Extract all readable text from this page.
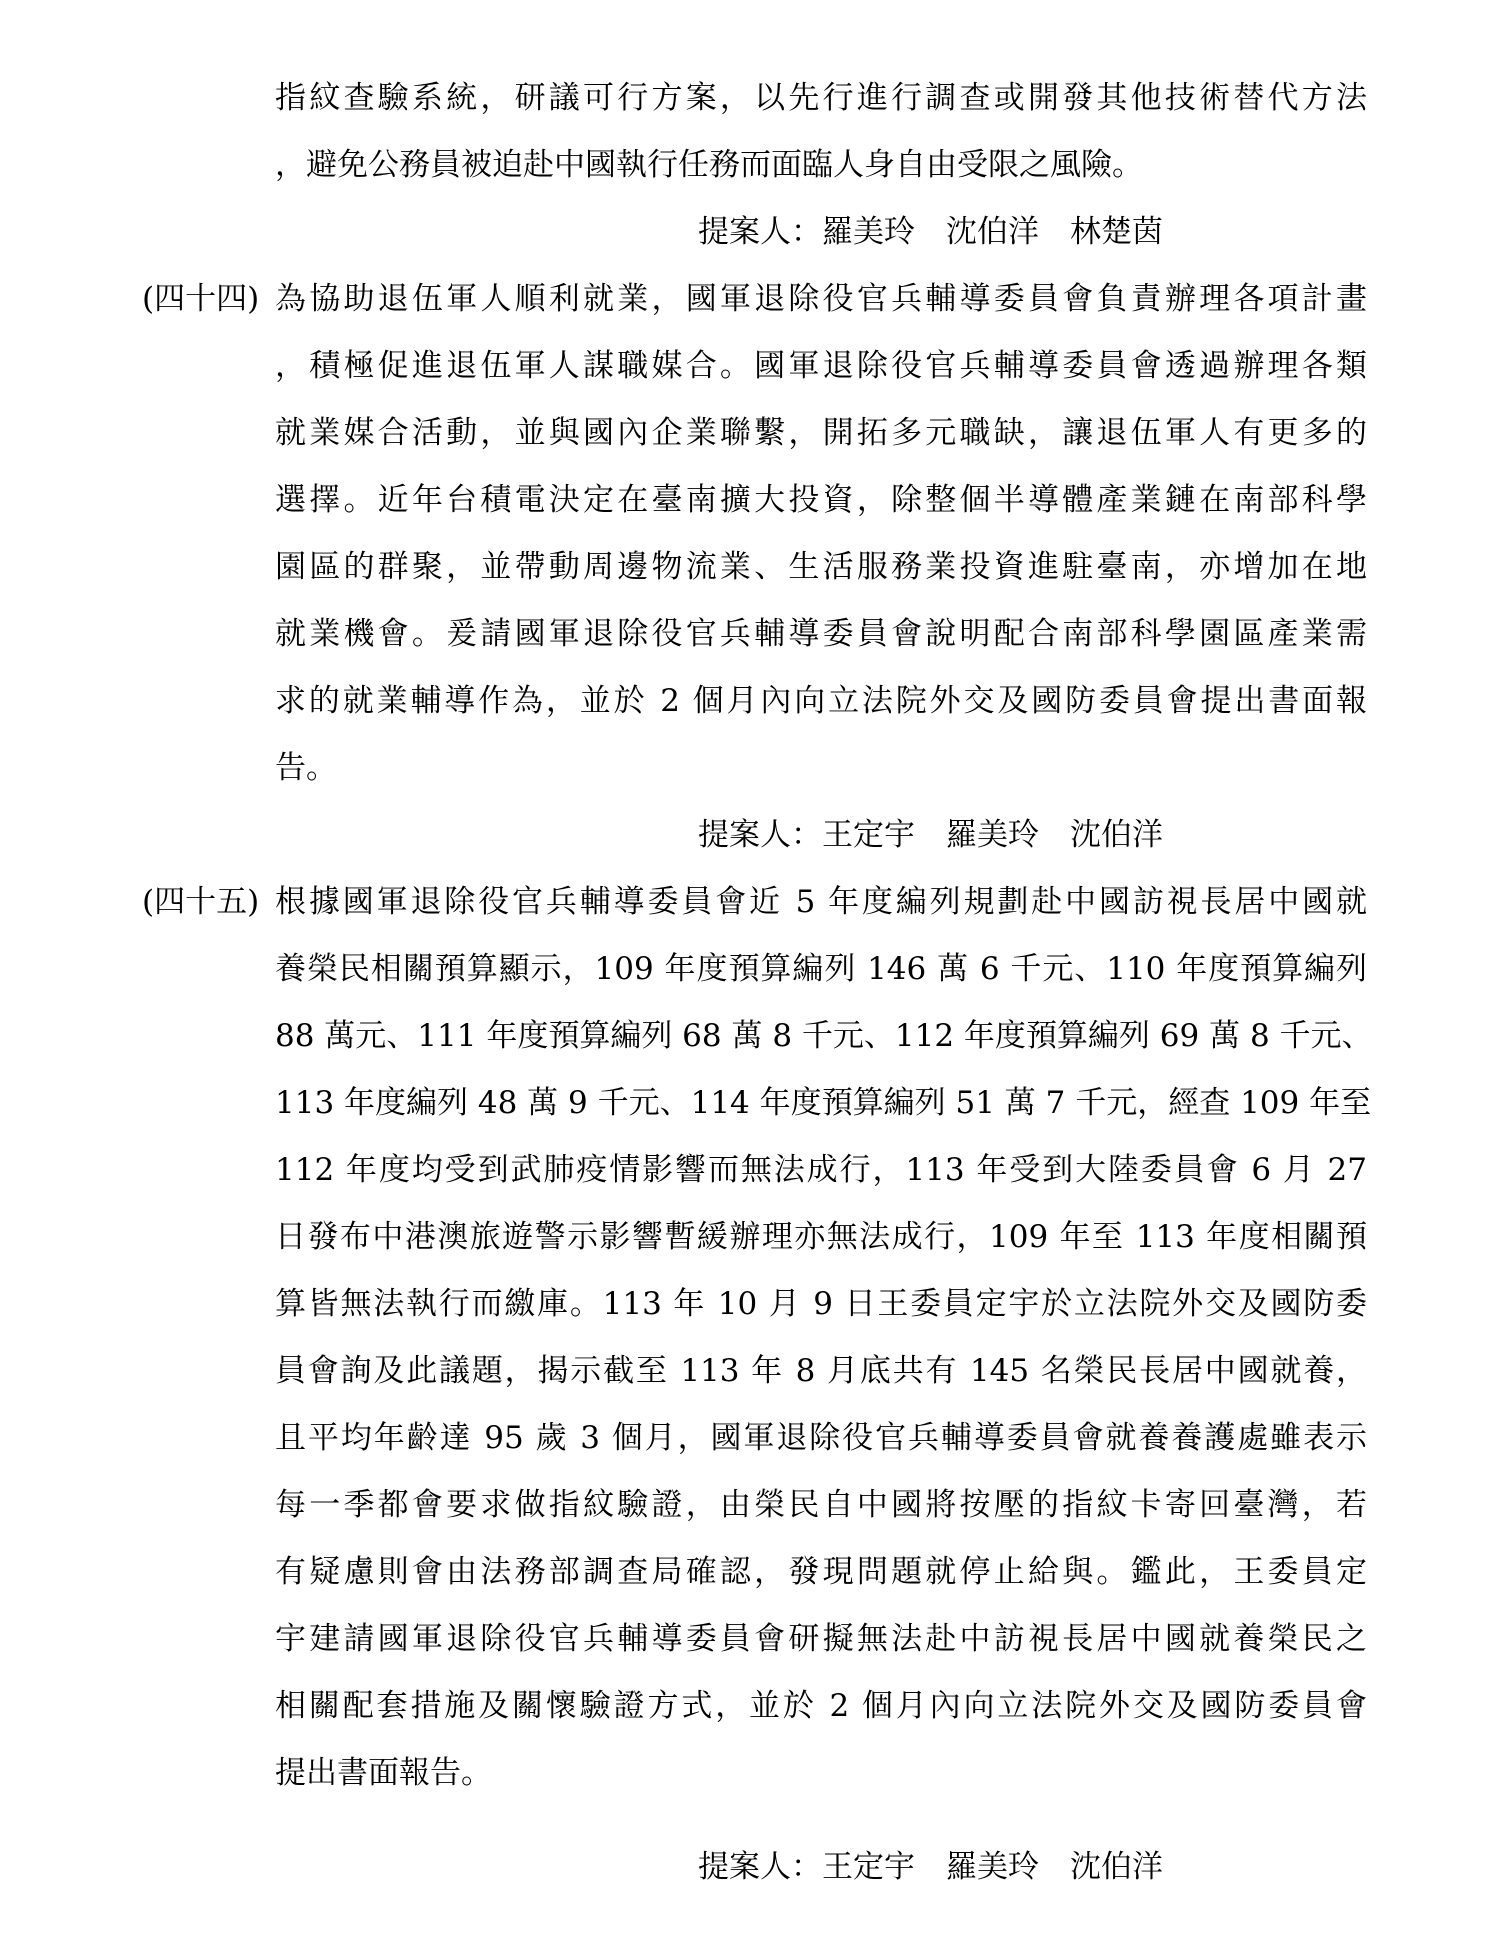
指紋查驗系統，研議可行方案，以先行進行調查或開發其他技術替代方法
，避免公務員被迫赴中國執行任務而面臨人身自由受限之風險。
提案人：羅美玲　沈伯洋　林楚茵
(四十四) 為協助退伍軍人順利就業，國軍退除役官兵輔導委員會負責辦理各項計畫
，積極促進退伍軍人謀職媒合。國軍退除役官兵輔導委員會透過辦理各類
就業媒合活動，並與國內企業聯繫，開拓多元職缺，讓退伍軍人有更多的
選擇。近年台積電決定在臺南擴大投資，除整個半導體產業鏈在南部科學
園區的群聚，並帶動周邊物流業、生活服務業投資進駐臺南，亦增加在地
就業機會。爰請國軍退除役官兵輔導委員會說明配合南部科學園區產業需
求的就業輔導作為，並於 2 個月內向立法院外交及國防委員會提出書面報
告。
提案人：王定宇　羅美玲　沈伯洋
(四十五) 根據國軍退除役官兵輔導委員會近 5 年度編列規劃赴中國訪視長居中國就
養榮民相關預算顯示，109 年度預算編列 146 萬 6 千元、110 年度預算編列
88 萬元、111 年度預算編列 68 萬 8 千元、112 年度預算編列 69 萬 8 千元、
113 年度編列 48 萬 9 千元、114 年度預算編列 51 萬 7 千元，經查 109 年至
112 年度均受到武肺疫情影響而無法成行，113 年受到大陸委員會 6 月 27
日發布中港澳旅遊警示影響暫緩辦理亦無法成行，109 年至 113 年度相關預
算皆無法執行而繳庫。113 年 10 月 9 日王委員定宇於立法院外交及國防委
員會詢及此議題，揭示截至 113 年 8 月底共有 145 名榮民長居中國就養，
且平均年齡達 95 歲 3 個月，國軍退除役官兵輔導委員會就養養護處雖表示
每一季都會要求做指紋驗證，由榮民自中國將按壓的指紋卡寄回臺灣，若
有疑慮則會由法務部調查局確認，發現問題就停止給與。鑑此，王委員定
宇建請國軍退除役官兵輔導委員會研擬無法赴中訪視長居中國就養榮民之
相關配套措施及關懷驗證方式，並於 2 個月內向立法院外交及國防委員會
提出書面報告。
提案人：王定宇　羅美玲　沈伯洋
